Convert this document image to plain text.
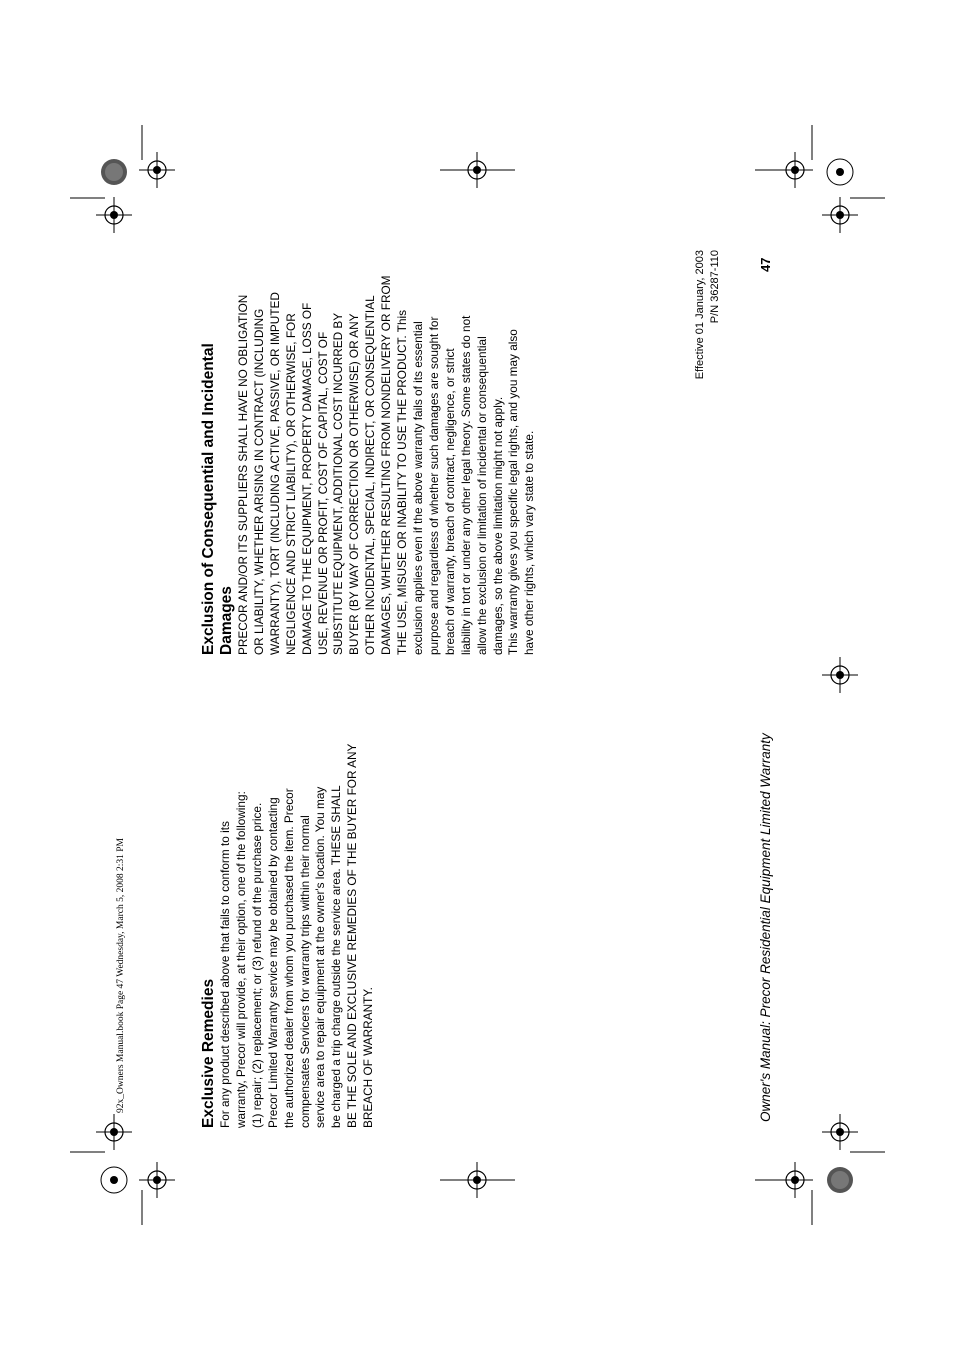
92x_Owners Manual.book Page 47 Wednesday, March 5, 2008 2:31 PM	Exclusive Remedies For any product described above that fails to conform to its warranty, Precor will provide, at their option, one of the following: (1) repair; (2) replacement; or (3) refund of the purchase price. Precor Limited Warranty service may be obtained by contacting the authorized dealer from whom you purchased the item. Precor compensates Servicers for warranty trips within their normal service area to repair equipment at the owner's location. You may be charged a trip charge outside the service area. THESE SHALL BE THE SOLE AND EXCLUSIVE REMEDIES OF THE BUYER FOR ANY BREACH OF WARRANTY.
Exclusion of Consequential and Incidental Damages PRECOR AND/OR ITS SUPPLIERS SHALL HAVE NO OBLIGATION OR LIABILITY, WHETHER ARISING IN CONTRACT (INCLUDING WARRANTY), TORT (INCLUDING ACTIVE, PASSIVE, OR IMPUTED NEGLIGENCE AND STRICT LIABILITY), OR OTHERWISE, FOR DAMAGE TO THE EQUIPMENT, PROPERTY DAMAGE, LOSS OF USE, REVENUE OR PROFIT, COST OF CAPITAL, COST OF SUBSTITUTE EQUIPMENT, ADDITIONAL COST INCURRED BY BUYER (BY WAY OF CORRECTION OR OTHERWISE) OR ANY OTHER INCIDENTAL, SPECIAL, INDIRECT, OR CONSEQUENTIAL DAMAGES, WHETHER RESULTING FROM NONDELIVERY OR FROM THE USE, MISUSE OR INABILITY TO USE THE PRODUCT. This exclusion applies even if the above warranty fails of its essential purpose and regardless of whether such damages are sought for breach of warranty, breach of contract, negligence, or strict liability in tort or under any other legal theory. Some states do not allow the exclusion or limitation of incidental or consequential damages, so the above limitation might not apply. This warranty gives you specific legal rights, and you may also have other rights, which vary state to state.
Effective 01 January, 2003 P/N 36287-110	47
Owner's Manual: Precor Residential Equipment Limited Warranty
